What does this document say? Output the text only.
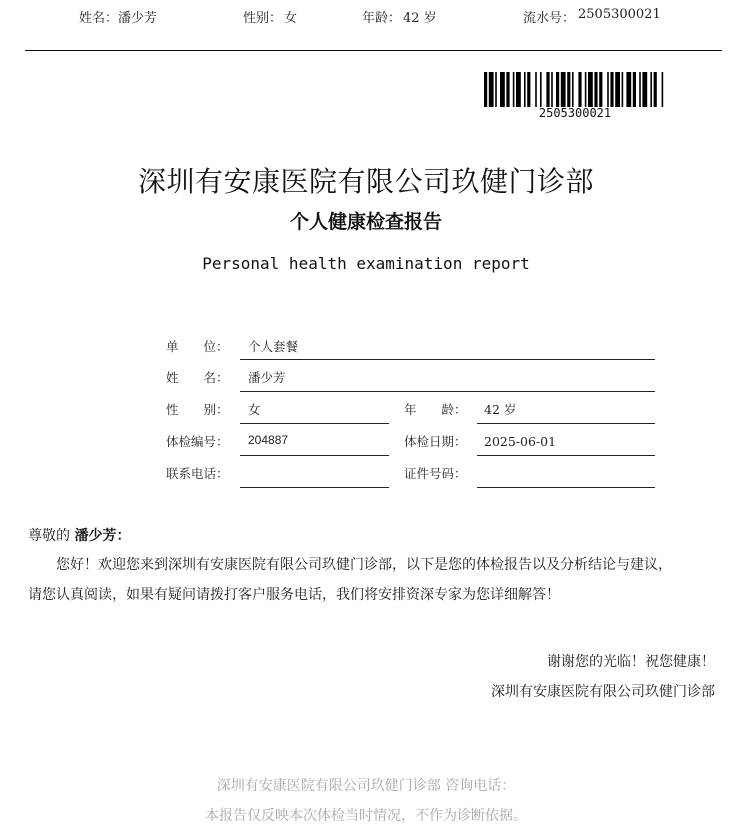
姓名： 潘少芳	性别： 女	年龄： 42 岁	流水号： 2505300021
2505300021
深圳有安康医院有限公司玖健门诊部
个人健康检查报告
Personal health examination report
单　　位： 个人套餐
姓　　名： 潘少芳
性　　别： 女	年　　龄： 42 岁
体检编号： 204887	体检日期： 2025-06-01
联系电话：	证件号码：
尊敬的 潘少芳：
您好！欢迎您来到深圳有安康医院有限公司玖健门诊部，以下是您的体检报告以及分析结论与建议，
请您认真阅读，如果有疑问请拨打客户服务电话，我们将安排资深专家为您详细解答！
谢谢您的光临！祝您健康！
深圳有安康医院有限公司玖健门诊部
深圳有安康医院有限公司玖健门诊部 咨询电话：
本报告仅反映本次体检当时情况，不作为诊断依据。
